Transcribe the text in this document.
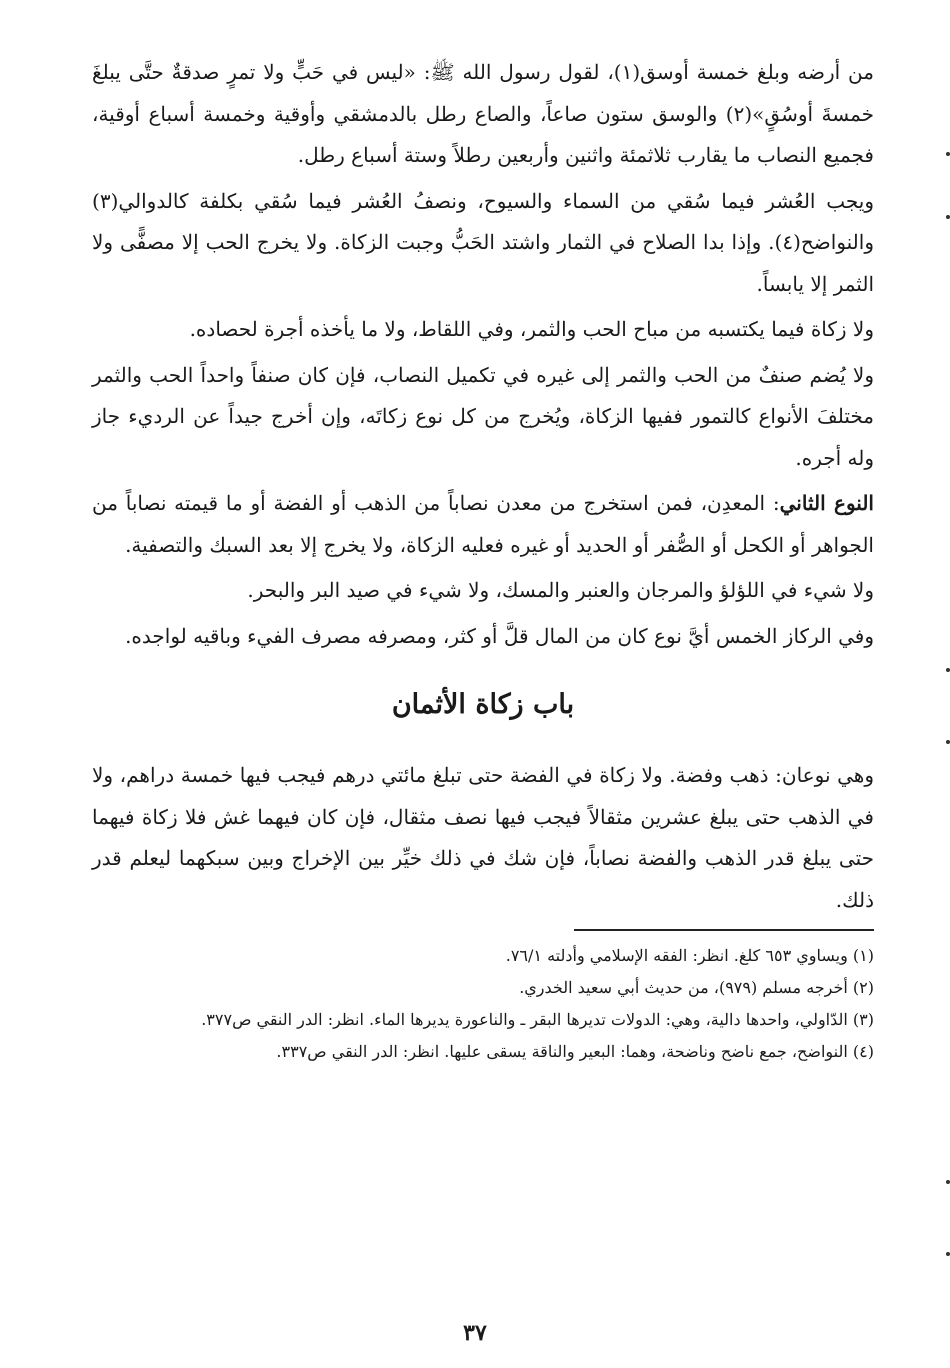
من أرضه وبلغ خمسة أوسق(١)، لقول رسول الله ﷺ: «ليس في حَبٍّ ولا تمرٍ صدقةٌ حتَّى يبلغَ خمسةَ أوسُقٍ»(٢) والوسق ستون صاعاً، والصاع رطل بالدمشقي وأوقية وخمسة أسباع أوقية، فجميع النصاب ما يقارب ثلاثمئة واثنين وأربعين رطلاً وستة أسباع رطل.

ويجب العُشر فيما سُقي من السماء والسيوح، ونصفُ العُشر فيما سُقي بكلفة كالدوالي(٣) والنواضح(٤). وإذا بدا الصلاح في الثمار واشتد الحَبُّ وجبت الزكاة. ولا يخرج الحب إلا مصفًّى ولا الثمر إلا يابساً.

ولا زكاة فيما يكتسبه من مباح الحب والثمر، وفي اللقاط، ولا ما يأخذه أجرة لحصاده.

ولا يُضم صنفٌ من الحب والثمر إلى غيره في تكميل النصاب، فإن كان صنفاً واحداً الحب والثمر مختلفَ الأنواع كالتمور ففيها الزكاة، ويُخرج من كل نوع زكاتَه، وإن أخرج جيداً عن الرديء جاز وله أجره.

النوع الثاني: المعدِن، فمن استخرج من معدن نصاباً من الذهب أو الفضة أو ما قيمته نصاباً من الجواهر أو الكحل أو الصُّفر أو الحديد أو غيره فعليه الزكاة، ولا يخرج إلا بعد السبك والتصفية.

ولا شيء في اللؤلؤ والمرجان والعنبر والمسك، ولا شيء في صيد البر والبحر.

وفي الركاز الخمس أيَّ نوع كان من المال قلَّ أو كثر، ومصرفه مصرف الفيء وباقيه لواجده.

باب زكاة الأثمان

وهي نوعان: ذهب وفضة. ولا زكاة في الفضة حتى تبلغ مائتي درهم فيجب فيها خمسة دراهم، ولا في الذهب حتى يبلغ عشرين مثقالاً فيجب فيها نصف مثقال، فإن كان فيهما غش فلا زكاة فيهما حتى يبلغ قدر الذهب والفضة نصاباً، فإن شك في ذلك خيِّر بين الإخراج وبين سبكهما ليعلم قدر ذلك.

(١) ويساوي ٦٥٣ كلغ. انظر: الفقه الإسلامي وأدلته ٧٦/١.

(٢) أخرجه مسلم (٩٧٩)، من حديث أبي سعيد الخدري.

(٣) الدّاولي، واحدها دالية، وهي: الدولات تديرها البقر ـ والناعورة يديرها الماء. انظر: الدر النقي ص٣٧٧.

(٤) النواضح، جمع ناضح وناضحة، وهما: البعير والناقة يسقى عليها. انظر: الدر النقي ص٣٣٧.

٣٧
